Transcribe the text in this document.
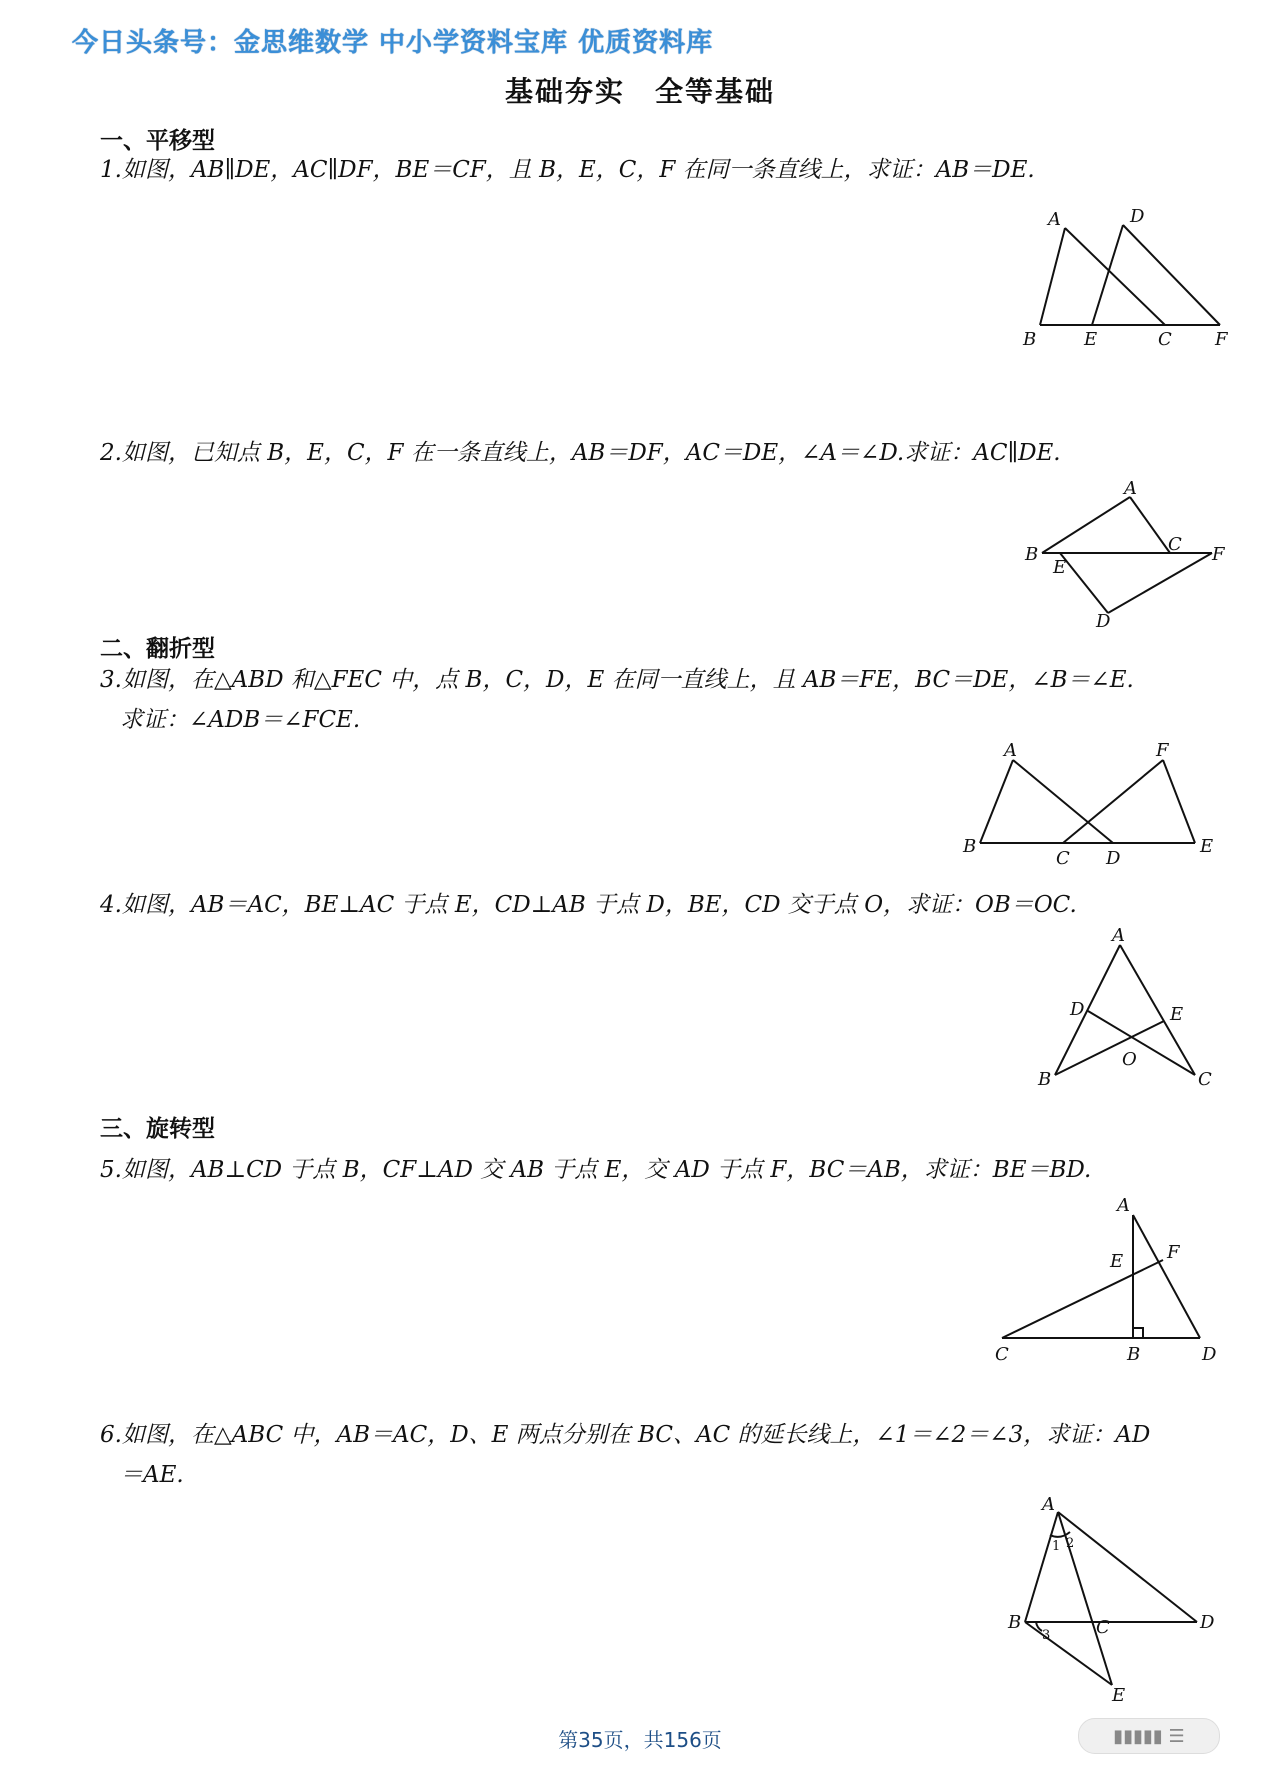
今日头条号：金思维数学 中小学资料宝库 优质资料库
基础夯实　全等基础
一、平移型
1.如图，AB∥DE，AC∥DF，BE＝CF，且 B，E，C，F 在同一条直线上，求证：AB＝DE.
A	D
B	E	C F
2.如图，已知点 B，E，C，F 在一条直线上，AB＝DF，AC＝DE，∠A＝∠D.求证：AC∥DE.
A
B
E
C F
D
二、翻折型
3.如图，在△ABD 和△FEC 中，点 B，C，D，E 在同一直线上，且 AB＝FE，BC＝DE，∠B＝∠E.
求证：∠ADB＝∠FCE.
A	F
B
C D
E
4.如图，AB＝AC，BE⊥AC 于点 E，CD⊥AB 于点 D，BE，CD 交于点 O，求证：OB＝OC.
A
D	E
O
B	C
三、旋转型
5.如图，AB⊥CD 于点 B，CF⊥AD 交 AB 于点 E，交 AD 于点 F，BC＝AB，求证：BE＝BD.
A
E F
C	B	D
6.如图，在△ABC 中，AB＝AC，D、E 两点分别在 BC、AC 的延长线上，∠1＝∠2＝∠3，求证：AD
＝AE.
A
B	C	D
E
1 2
3
第35页，共156页	▮▮▮▮▮ ☰
